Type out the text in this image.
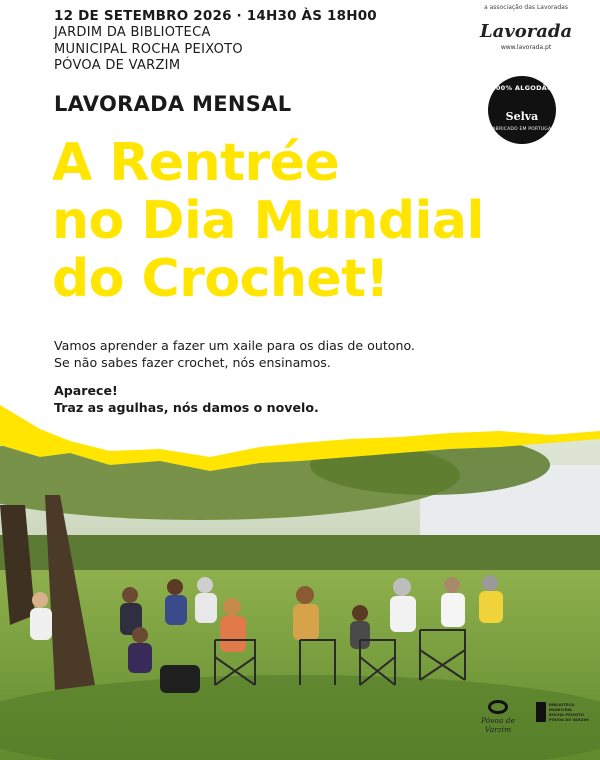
12 DE SETEMBRO 2026 · 14H30 ÀS 18H00
JARDIM DA BIBLIOTECA
MUNICIPAL ROCHA PEIXOTO
PÓVOA DE VARZIM
a associação das Lavoradas
Lavorada
www.lavorada.pt
100% ALGODÃO
Selva
FABRICADO EM PORTUGAL
LAVORADA MENSAL
A Rentrée
no Dia Mundial
do Crochet!
Vamos aprender a fazer um xaile para os dias de outono.
Se não sabes fazer crochet, nós ensinamos.
Aparece!
Traz as agulhas, nós damos o novelo.
Póvoa de Varzim
BIBLIOTECA MUNICIPAL
ROCHA PEIXOTO
PÓVOA DE VARZIM
